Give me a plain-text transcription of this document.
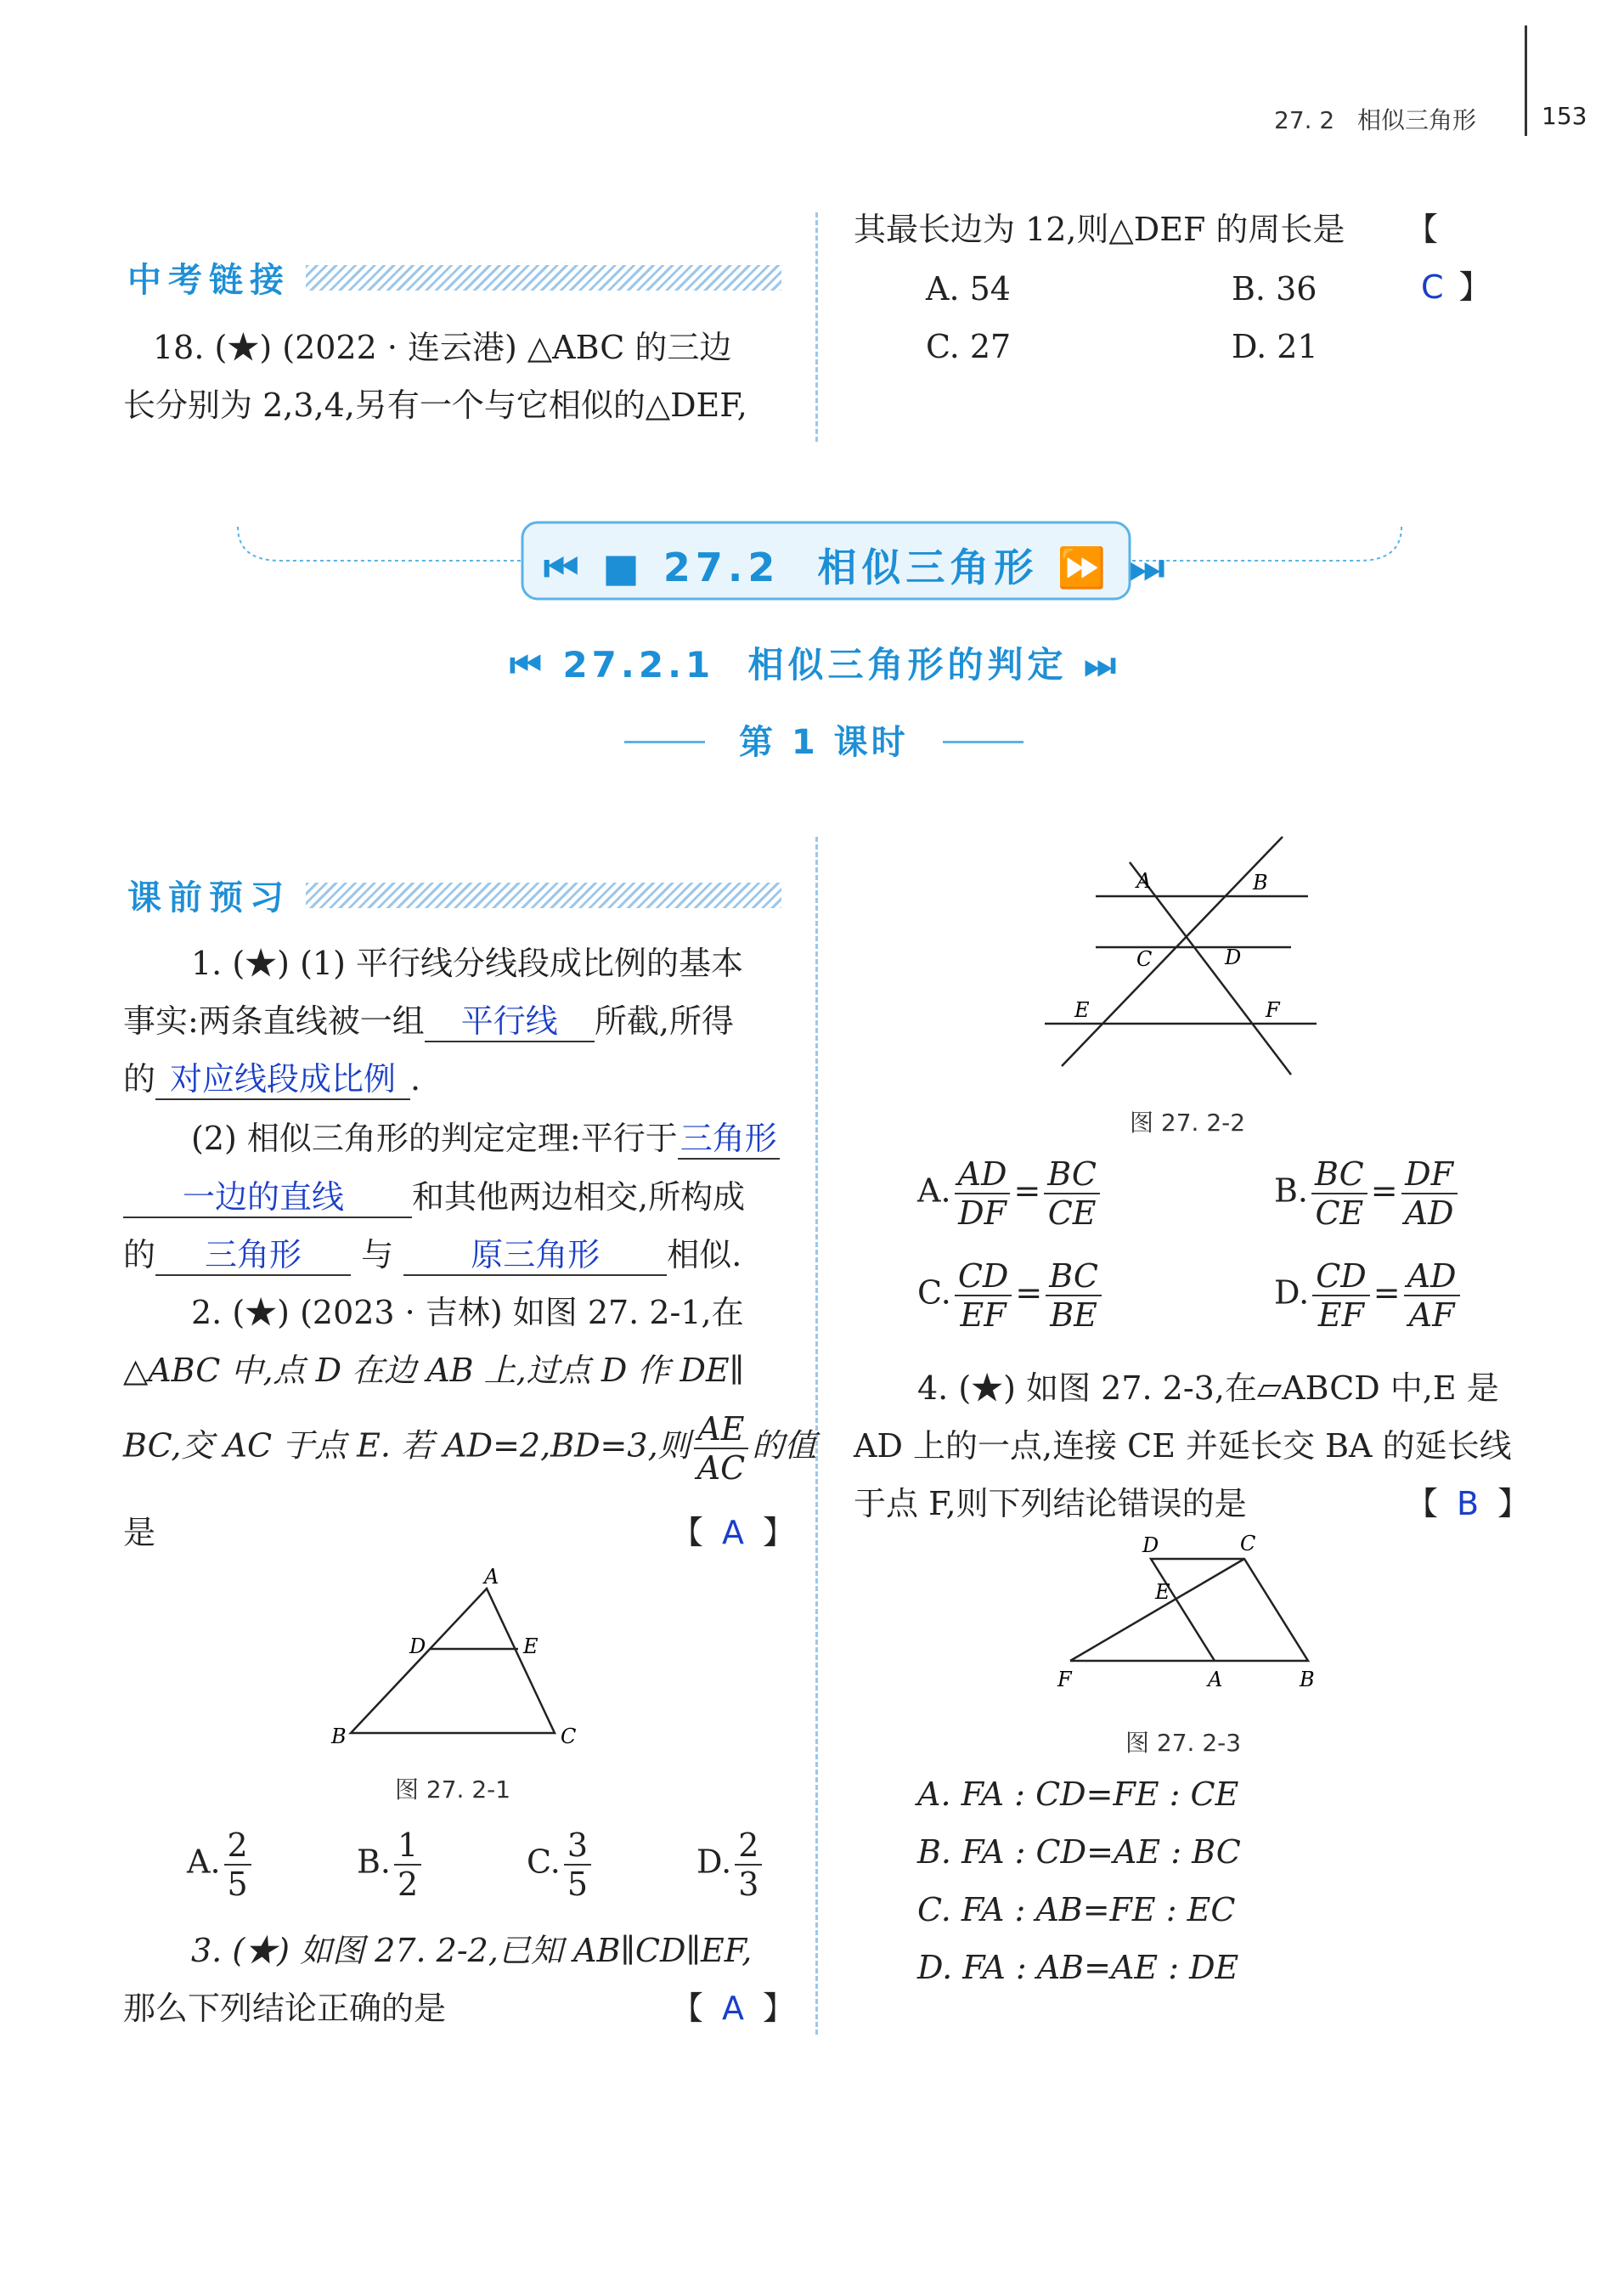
27. 2 相似三角形	153
中考链接
18. (★) (2022 · 连云港) △ABC 的三边
长分别为 2,3,4,另有一个与它相似的△DEF,
其最长边为 12,则△DEF 的周长是 【 C 】
A. 54	B. 36
C. 27	D. 21
⏮ ■ 27.2  相似三角形 ⏩ ⏭
⏮ 27.2.1  相似三角形的判定 ⏭
第 1 课时
课前预习
1. (★) (1) 平行线分线段成比例的基本
事实:两条直线被一组 平行线 所截,所得
的 对应线段成比例 .
(2) 相似三角形的判定定理:平行于三角形
一边的直线 和其他两边相交,所构成
的 三角形 与 原三角形 相似.
2. (★) (2023 · 吉林) 如图 27. 2-1,在
△ABC 中,点 D 在边 AB 上,过点 D 作 DE∥
BC,交 AC 于点 E. 若 AD=2,BD=3,则 $\frac{AE}{AC}$ 的值
是	【 A 】
A
D	E
B	C
图 27. 2-1
A. $\frac{2}{5}$	B. $\frac{1}{2}$	C. $\frac{3}{5}$	D. $\frac{2}{3}$
3. (★) 如图 27. 2-2,已知 AB∥CD∥EF,
那么下列结论正确的是	【 A 】
A	B
C	D
E	F
图 27. 2-2
A. $\frac{AD}{DF} = \frac{BC}{CE}$	B. $\frac{BC}{CE} = \frac{DF}{AD}$
C. $\frac{CD}{EF} = \frac{BC}{BE}$	D. $\frac{CD}{EF} = \frac{AD}{AF}$
4. (★) 如图 27. 2-3,在▱ABCD 中,E 是
AD 上的一点,连接 CE 并延长交 BA 的延长线
于点 F,则下列结论错误的是	【 B 】
D	C
E
F	A	B
图 27. 2-3
A. FA : CD=FE : CE
B. FA : CD=AE : BC
C. FA : AB=FE : EC
D. FA : AB=AE : DE
